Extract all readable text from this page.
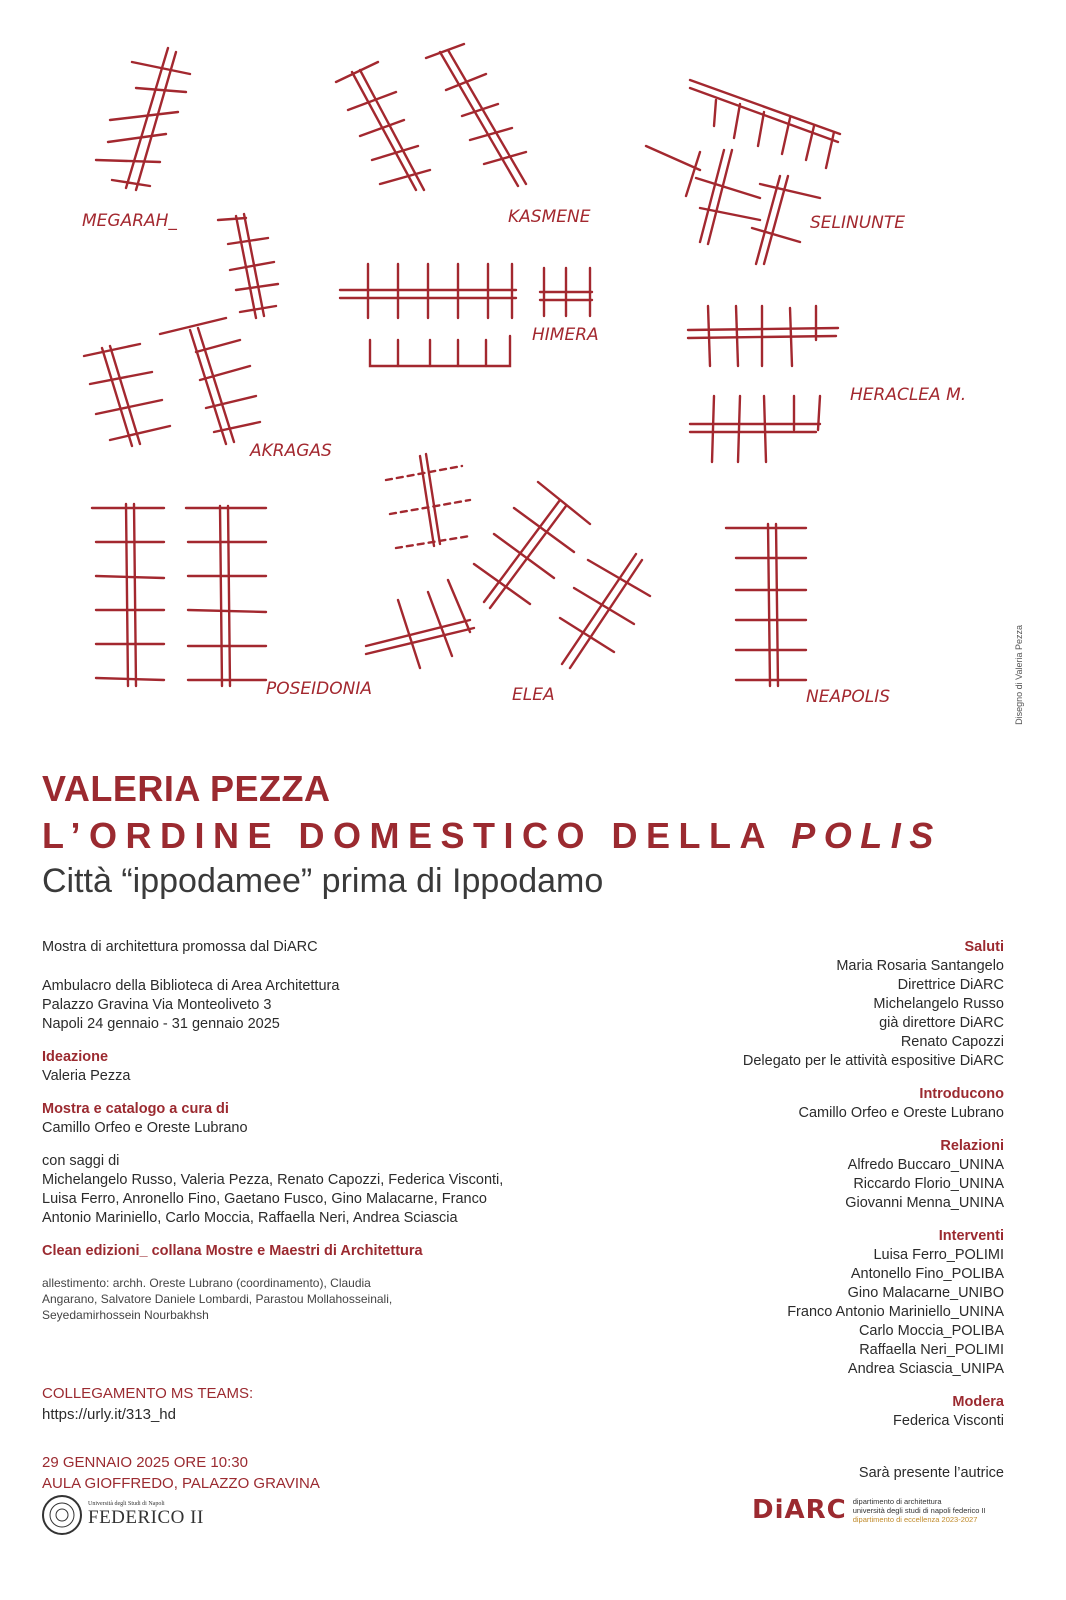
MEGARAH_	KASMENE	SELINUNTE
HIMERA
HERACLEA M.
AKRAGAS
POSEIDONIA	ELEA	NEAPOLIS	Disegno di Valeria Pezza
VALERIA PEZZA
L’ORDINE DOMESTICO DELLA POLIS
Città “ippodamee” prima di Ippodamo

Mostra di architettura promossa dal DiARC

Ambulacro della Biblioteca di Area Architettura

Palazzo Gravina Via Monteoliveto 3

Napoli 24 gennaio - 31 gennaio 2025

Ideazione

Valeria Pezza

Mostra e catalogo a cura di

Camillo Orfeo e Oreste Lubrano

con saggi di

Michelangelo Russo, Valeria Pezza, Renato Capozzi, Federica Visconti,

Luisa Ferro, Anronello Fino, Gaetano Fusco, Gino Malacarne, Franco

Antonio Mariniello, Carlo Moccia, Raffaella Neri, Andrea Sciascia

Clean edizioni_ collana Mostre e Maestri di Architettura

allestimento: archh. Oreste Lubrano (coordinamento), Claudia

Angarano, Salvatore Daniele Lombardi, Parastou Mollahosseinali,

Seyedamirhossein Nourbakhsh

COLLEGAMENTO MS TEAMS:
https://urly.it/313_hd
29 GENNAIO 2025 ORE 10:30
AULA GIOFFREDO, PALAZZO GRAVINA

Saluti

Maria Rosaria Santangelo

Direttrice DiARC

Michelangelo Russo

già direttore DiARC

Renato Capozzi

Delegato per le attività espositive DiARC

Introducono

Camillo Orfeo e Oreste Lubrano

Relazioni

Alfredo Buccaro_UNINA

Riccardo Florio_UNINA

Giovanni Menna_UNINA

Interventi

Luisa Ferro_POLIMI

Antonello Fino_POLIBA

Gino Malacarne_UNIBO

Franco Antonio Mariniello_UNINA

Carlo Moccia_POLIBA

Raffaella Neri_POLIMI

Andrea Sciascia_UNIPA

Modera

Federica Visconti

Sarà presente l’autrice
Università degli Studi di Napoli
FEDERICO II	DiARC dipartimento di architettura
università degli studi di napoli federico II
dipartimento di eccellenza 2023-2027
